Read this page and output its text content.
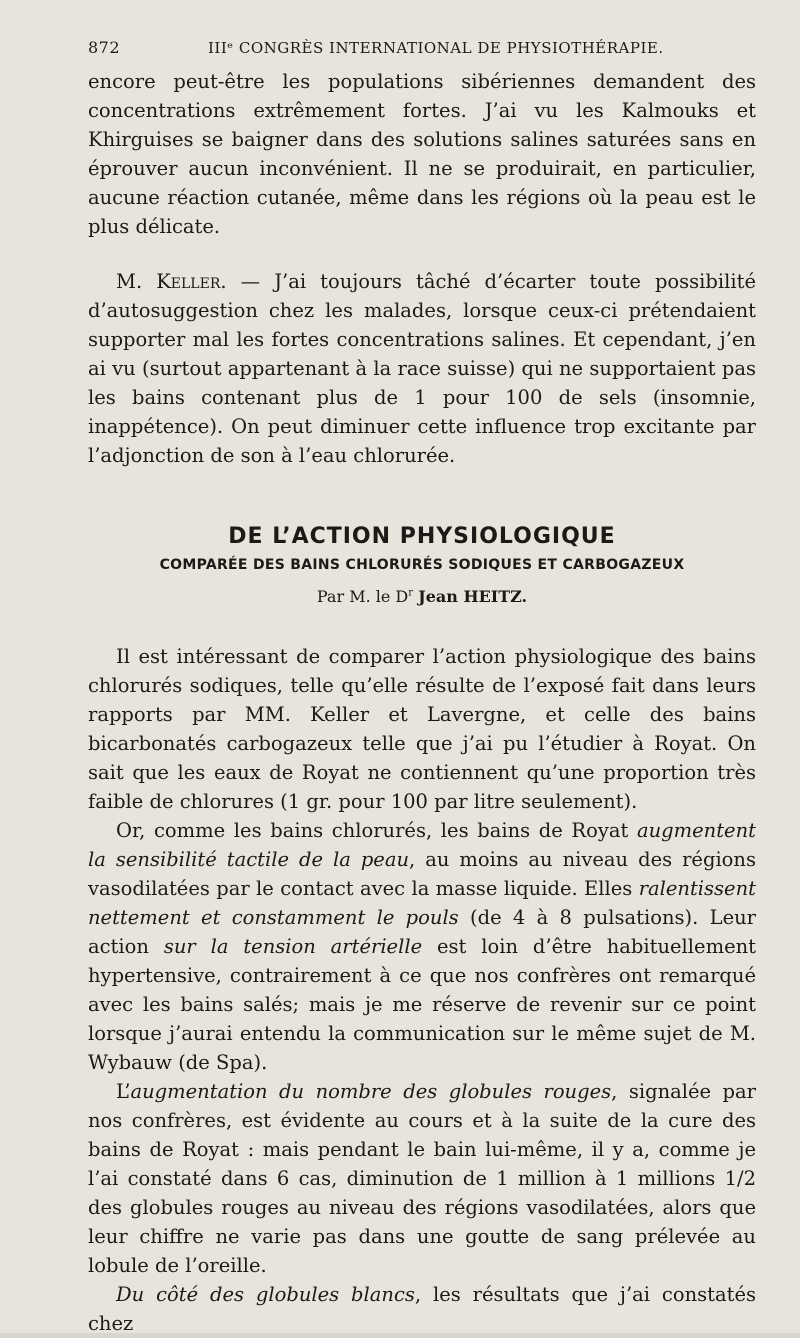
872	IIIᵉ CONGRÈS INTERNATIONAL DE PHYSIOTHÉRAPIE.

encore peut-être les populations sibériennes demandent des concentrations extrêmement fortes. J’ai vu les Kalmouks et Khirguises se baigner dans des solutions salines saturées sans en éprouver aucun inconvénient. Il ne se produirait, en particulier, aucune réaction cutanée, même dans les régions où la peau est le plus délicate.

M. Keller. — J’ai toujours tâché d’écarter toute possibilité d’autosuggestion chez les malades, lorsque ceux-ci prétendaient supporter mal les fortes concentrations salines. Et cependant, j’en ai vu (surtout appartenant à la race suisse) qui ne supportaient pas les bains contenant plus de 1 pour 100 de sels (insomnie, inappétence). On peut diminuer cette influence trop excitante par l’adjonction de son à l’eau chlorurée.

DE L’ACTION PHYSIOLOGIQUE
COMPARÉE DES BAINS CHLORURÉS SODIQUES ET CARBOGAZEUX
Par M. le $D^r$ Jean HEITZ.

Il est intéressant de comparer l’action physiologique des bains chlorurés sodiques, telle qu’elle résulte de l’exposé fait dans leurs rapports par MM. Keller et Lavergne, et celle des bains bicarbonatés carbogazeux telle que j’ai pu l’étudier à Royat. On sait que les eaux de Royat ne contiennent qu’une proportion très faible de chlorures (1 gr. pour 100 par litre seulement).

Or, comme les bains chlorurés, les bains de Royat augmentent la sensibilité tactile de la peau, au moins au niveau des régions vasodilatées par le contact avec la masse liquide. Elles ralentissent nettement et constamment le pouls (de 4 à 8 pulsations). Leur action sur la tension artérielle est loin d’être habituellement hypertensive, contrairement à ce que nos confrères ont remarqué avec les bains salés; mais je me réserve de revenir sur ce point lorsque j’aurai entendu la communication sur le même sujet de M. Wybauw (de Spa).

L’augmentation du nombre des globules rouges, signalée par nos confrères, est évidente au cours et à la suite de la cure des bains de Royat : mais pendant le bain lui-même, il y a, comme je l’ai constaté dans 6 cas, diminution de 1 million à 1 millions 1/2 des globules rouges au niveau des régions vasodilatées, alors que leur chiffre ne varie pas dans une goutte de sang prélevée au lobule de l’oreille.

Du côté des globules blancs, les résultats que j’ai constatés chez
